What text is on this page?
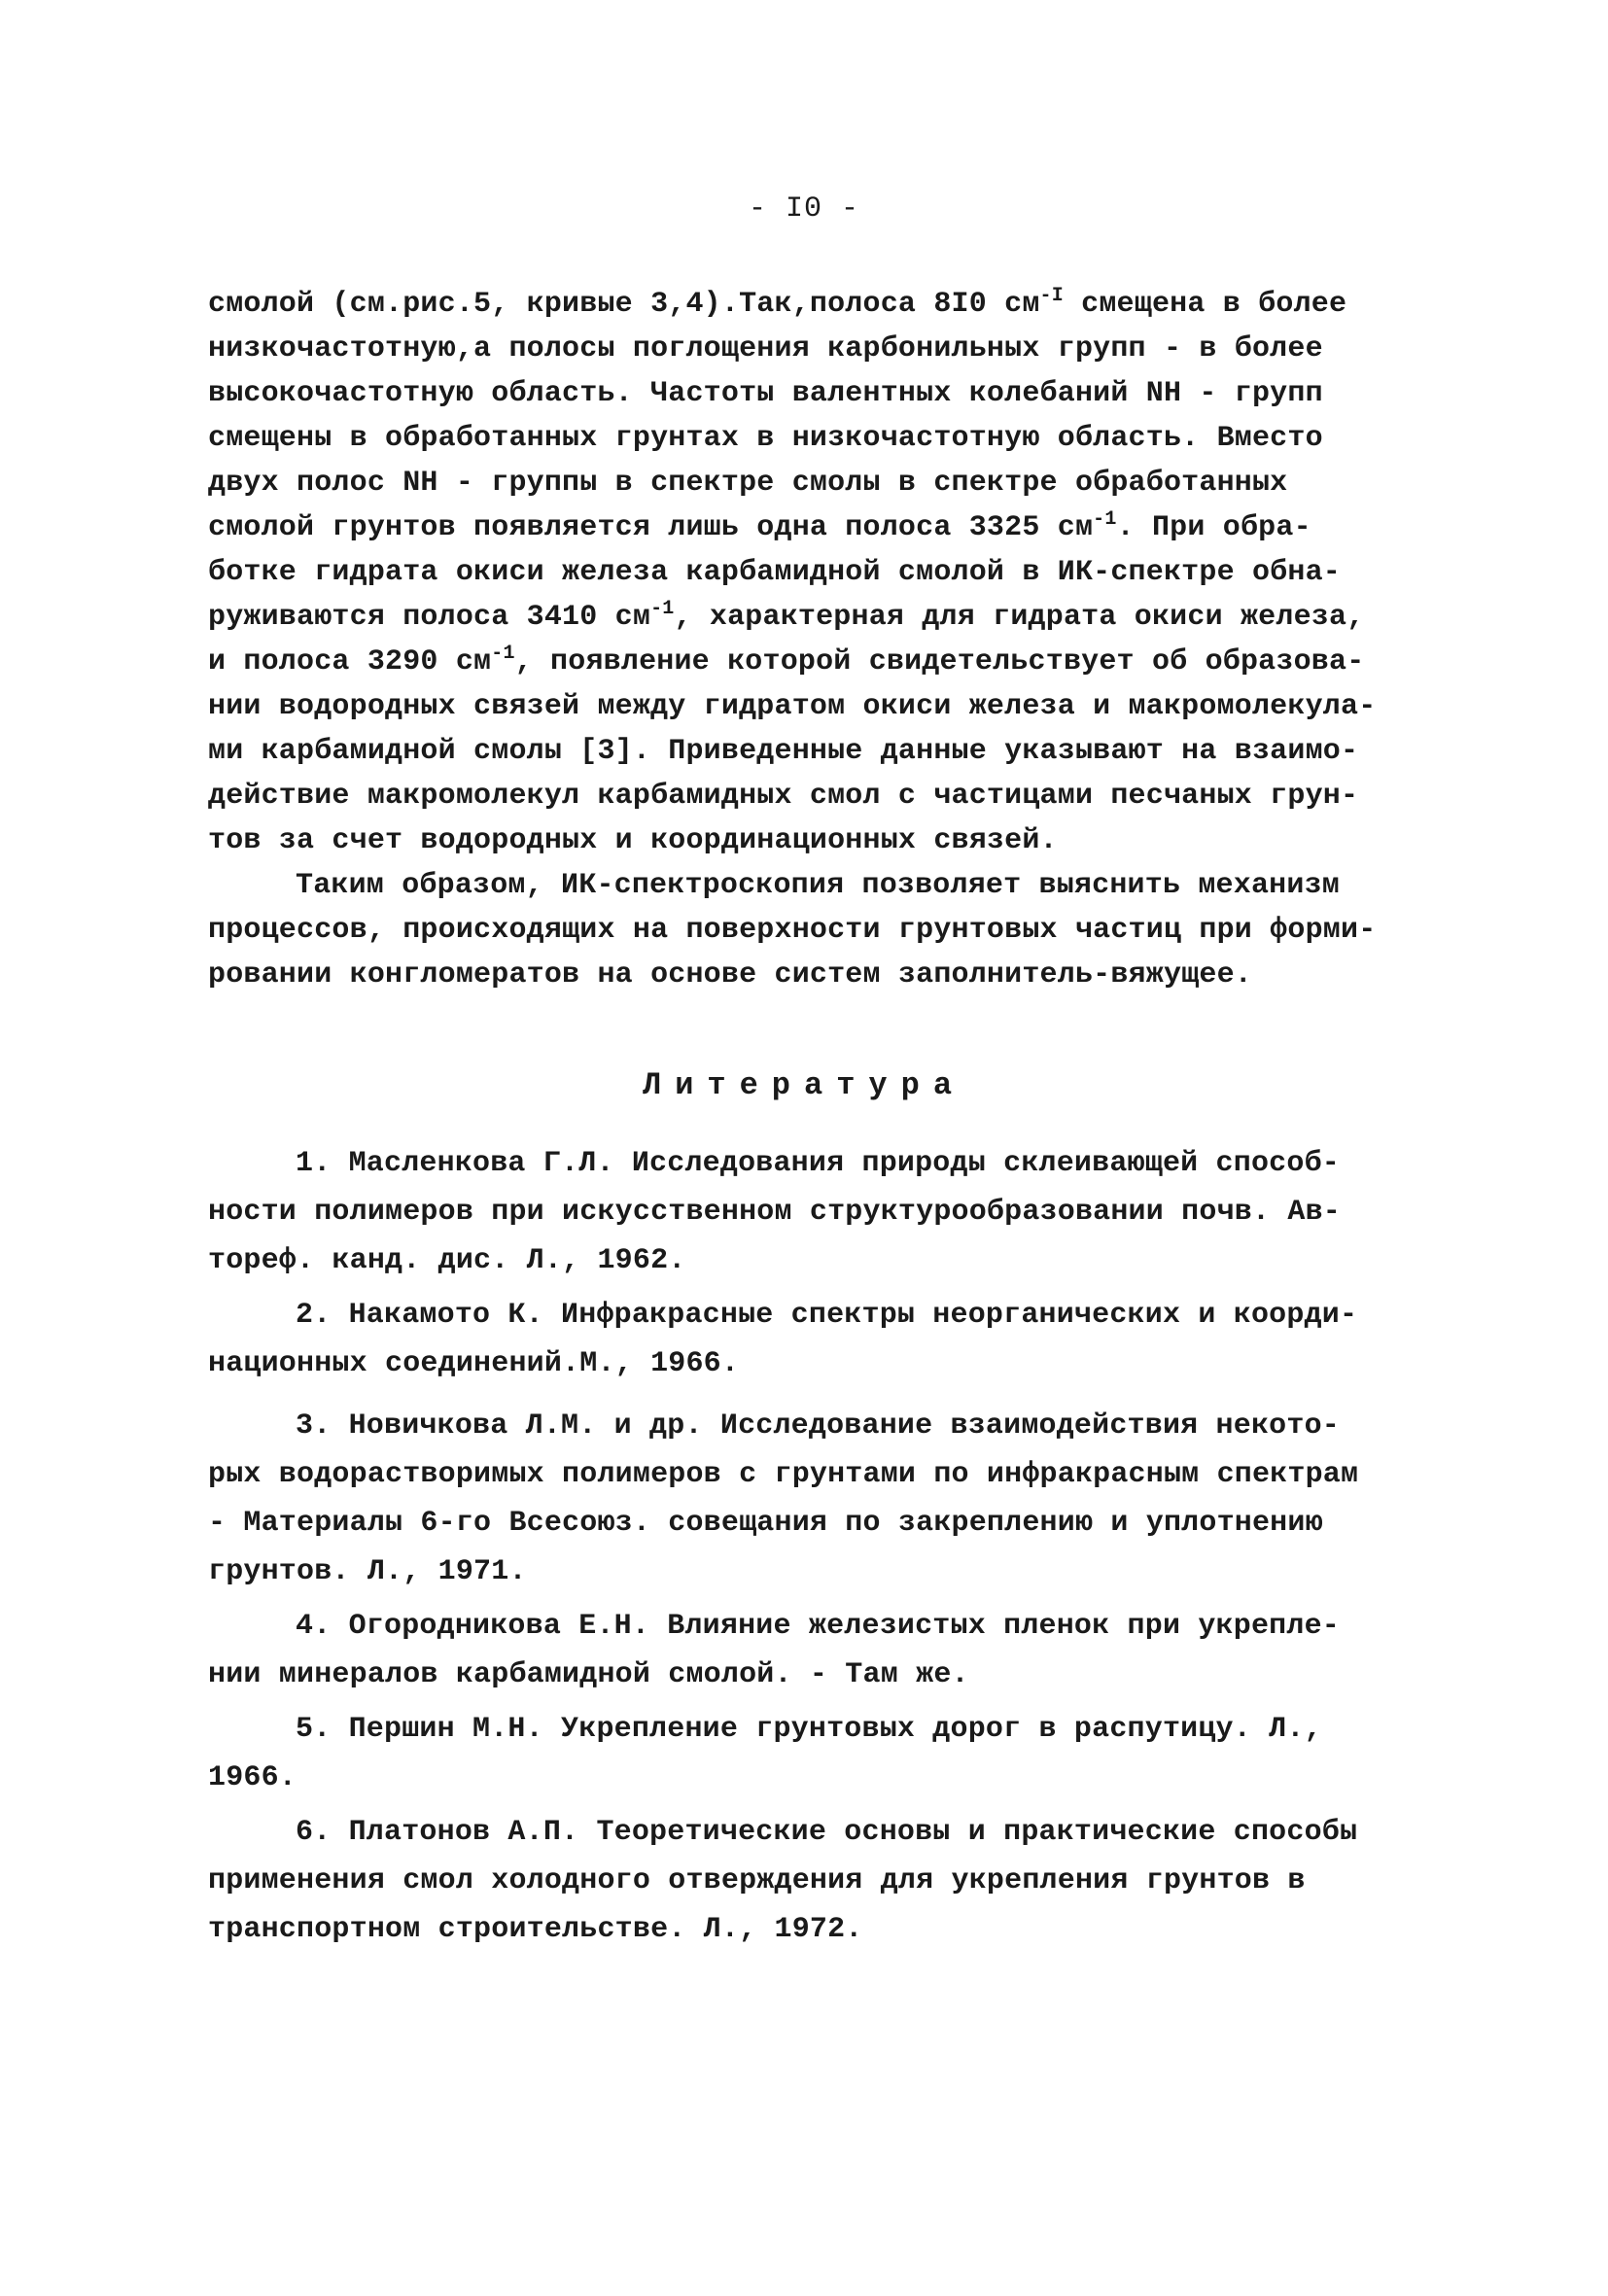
- I0 -
смолой (см.рис.5, кривые 3,4).Так,полоса 8I0 $см^{-I}$ смещена в более
низкочастотную,а полосы поглощения карбонильных групп - в более
высокочастотную область. Частоты валентных колебаний NH - групп
смещены в обработанных грунтах в низкочастотную область. Вместо
двух полос NH - группы в спектре смолы в спектре обработанных
смолой грунтов появляется лишь одна полоса 3325 $см^{-1}$. При обра-
ботке гидрата окиси железа карбамидной смолой в ИК-спектре обна-
руживаются полоса 3410 $см^{-1}$, характерная для гидрата окиси железа,
и полоса 3290 $см^{-1}$, появление которой свидетельствует об образова-
нии водородных связей между гидратом окиси железа и макромолекула-
ми карбамидной смолы [3]. Приведенные данные указывают на взаимо-
действие макромолекул карбамидных смол с частицами песчаных грун-
тов за счет водородных и координационных связей.
Таким образом, ИК-спектроскопия позволяет выяснить механизм
процессов, происходящих на поверхности грунтовых частиц при форми-
ровании конгломератов на основе систем заполнитель-вяжущее.
Литература
1. Масленкова Г.Л. Исследования природы склеивающей способ-
ности полимеров при искусственном структурообразовании почв. Ав-
тореф. канд. дис. Л., 1962.
2. Накамото К. Инфракрасные спектры неорганических и коорди-
национных соединений.М., 1966.
3. Новичкова Л.М. и др. Исследование взаимодействия некото-
рых водорастворимых полимеров с грунтами по инфракрасным спектрам
- Материалы 6-го Всесоюз. совещания по закреплению и уплотнению
грунтов. Л., 1971.
4. Огородникова Е.Н. Влияние железистых пленок при укрепле-
нии минералов карбамидной смолой. - Там же.
5. Першин М.Н. Укрепление грунтовых дорог в распутицу. Л.,
1966.
6. Платонов А.П. Теоретические основы и практические способы
применения смол холодного отверждения для укрепления грунтов в
транспортном строительстве. Л., 1972.
